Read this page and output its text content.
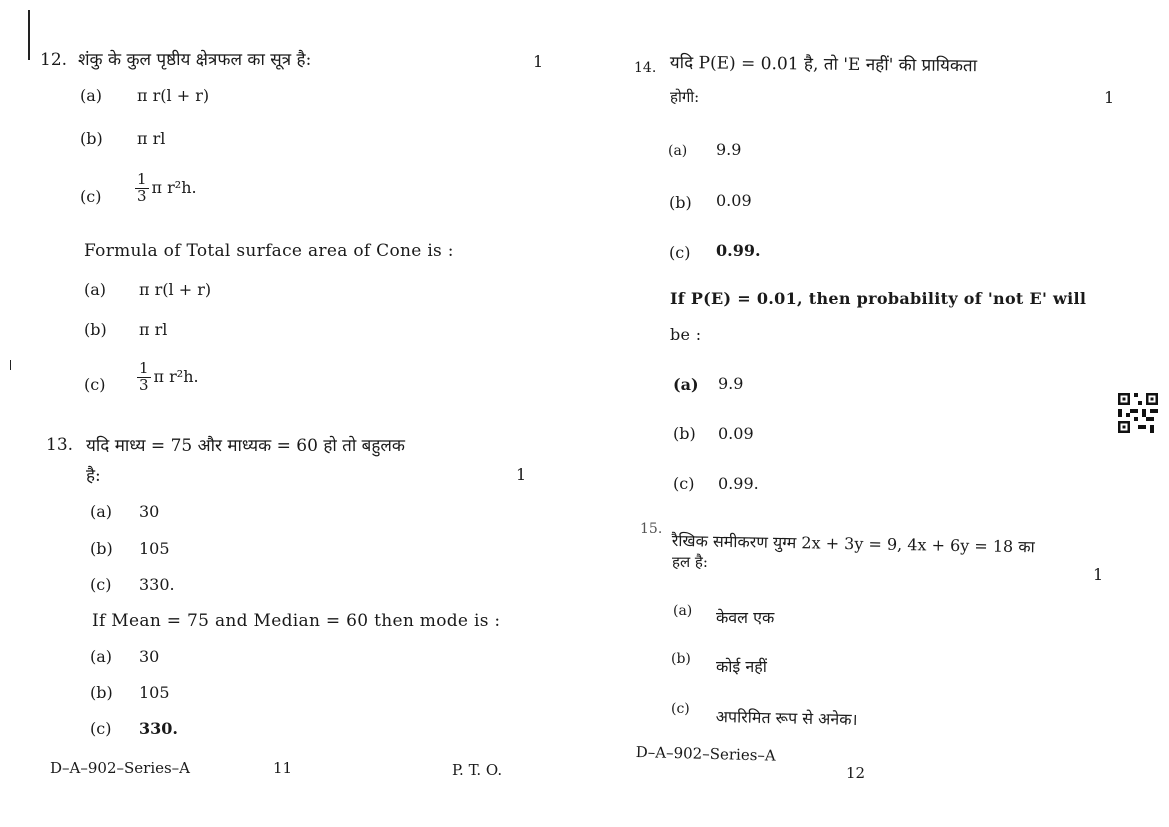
12. शंकु के कुल पृष्ठीय क्षेत्रफल का सूत्र है:	1
(a) π r(l + r)
(b) π rl
$(c) \frac{1}{3}$ π r²h.
Formula of Total surface area of Cone is :
(a) π r(l + r)
(b) π rl
$(c) \frac{1}{3}$ π r²h.
13. यदि माध्य = 75 और माध्यक = 60 हो तो बहुलक
है:	1
(a) 30
(b) 105
(c) 330.
If Mean = 75 and Median = 60 then mode is :
(a) 30
(b) 105
(c) 330.
D–A–902–Series–A	11	P. T. O.
14. यदि P(E) = 0.01 है, तो 'E नहीं' की प्रायिकता
होगी:	1
(a) 9.9
(b) 0.09
(c) 0.99.
If P(E) = 0.01, then probability of 'not E' will
be :
(a) 9.9
(b) 0.09
(c) 0.99.
15.
रैखिक समीकरण युग्म 2x + 3y = 9, 4x + 6y = 18 का
हल है:
1
(a) केवल एक
(b) कोई नहीं
(c) अपरिमित रूप से अनेक।
D–A–902–Series–A
12
